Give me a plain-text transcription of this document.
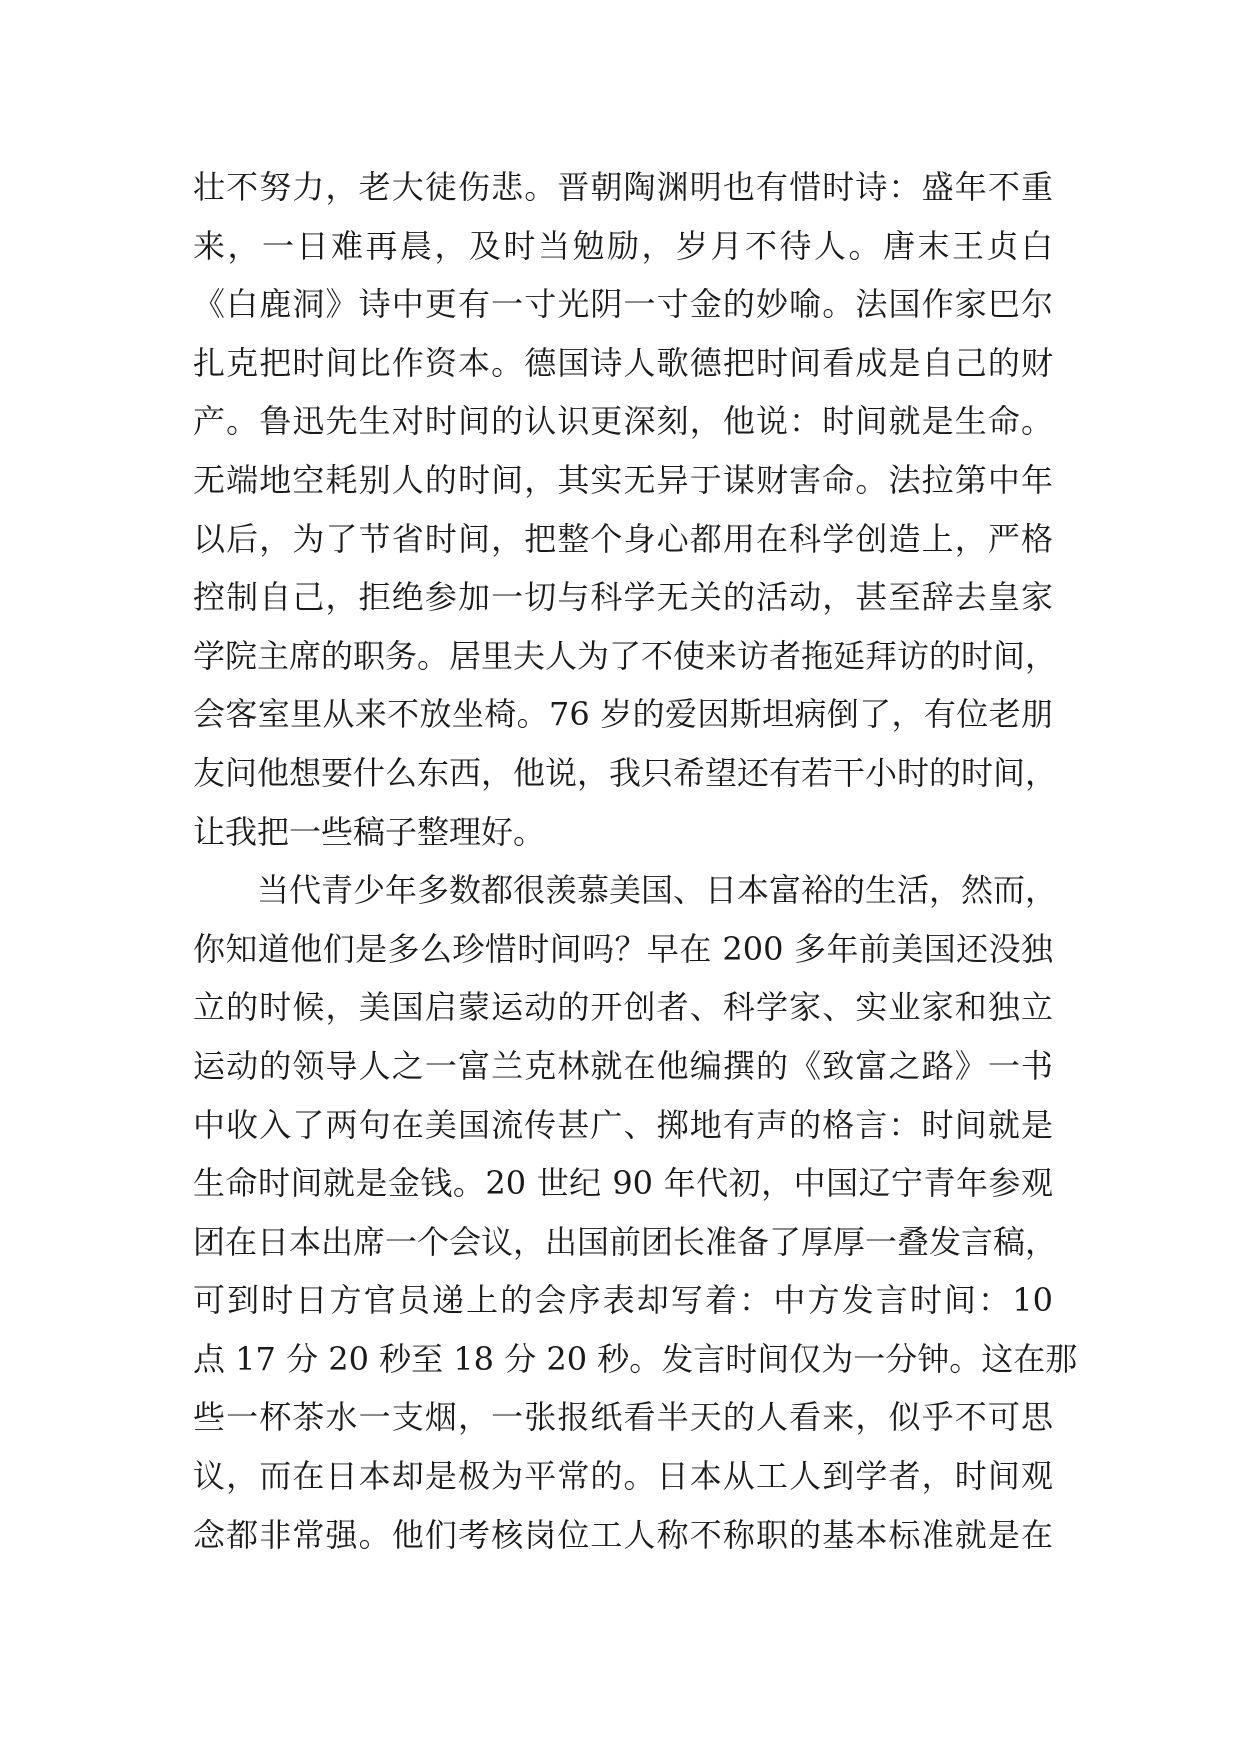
壮不努力，老大徒伤悲。晋朝陶渊明也有惜时诗：盛年不重
来，一日难再晨，及时当勉励，岁月不待人。唐末王贞白
《白鹿洞》诗中更有一寸光阴一寸金的妙喻。法国作家巴尔
扎克把时间比作资本。德国诗人歌德把时间看成是自己的财
产。鲁迅先生对时间的认识更深刻，他说：时间就是生命。
无端地空耗别人的时间，其实无异于谋财害命。法拉第中年
以后，为了节省时间，把整个身心都用在科学创造上，严格
控制自己，拒绝参加一切与科学无关的活动，甚至辞去皇家
学院主席的职务。居里夫人为了不使来访者拖延拜访的时间，
会客室里从来不放坐椅。76 岁的爱因斯坦病倒了，有位老朋
友问他想要什么东西，他说，我只希望还有若干小时的时间，
让我把一些稿子整理好。
当代青少年多数都很羡慕美国、日本富裕的生活，然而，
你知道他们是多么珍惜时间吗？早在 200 多年前美国还没独
立的时候，美国启蒙运动的开创者、科学家、实业家和独立
运动的领导人之一富兰克林就在他编撰的《致富之路》一书
中收入了两句在美国流传甚广、掷地有声的格言：时间就是
生命时间就是金钱。20 世纪 90 年代初，中国辽宁青年参观
团在日本出席一个会议，出国前团长准备了厚厚一叠发言稿，
可到时日方官员递上的会序表却写着：中方发言时间：10
点 17 分 20 秒至 18 分 20 秒。发言时间仅为一分钟。这在那
些一杯茶水一支烟，一张报纸看半天的人看来，似乎不可思
议，而在日本却是极为平常的。日本从工人到学者，时间观
念都非常强。他们考核岗位工人称不称职的基本标准就是在
